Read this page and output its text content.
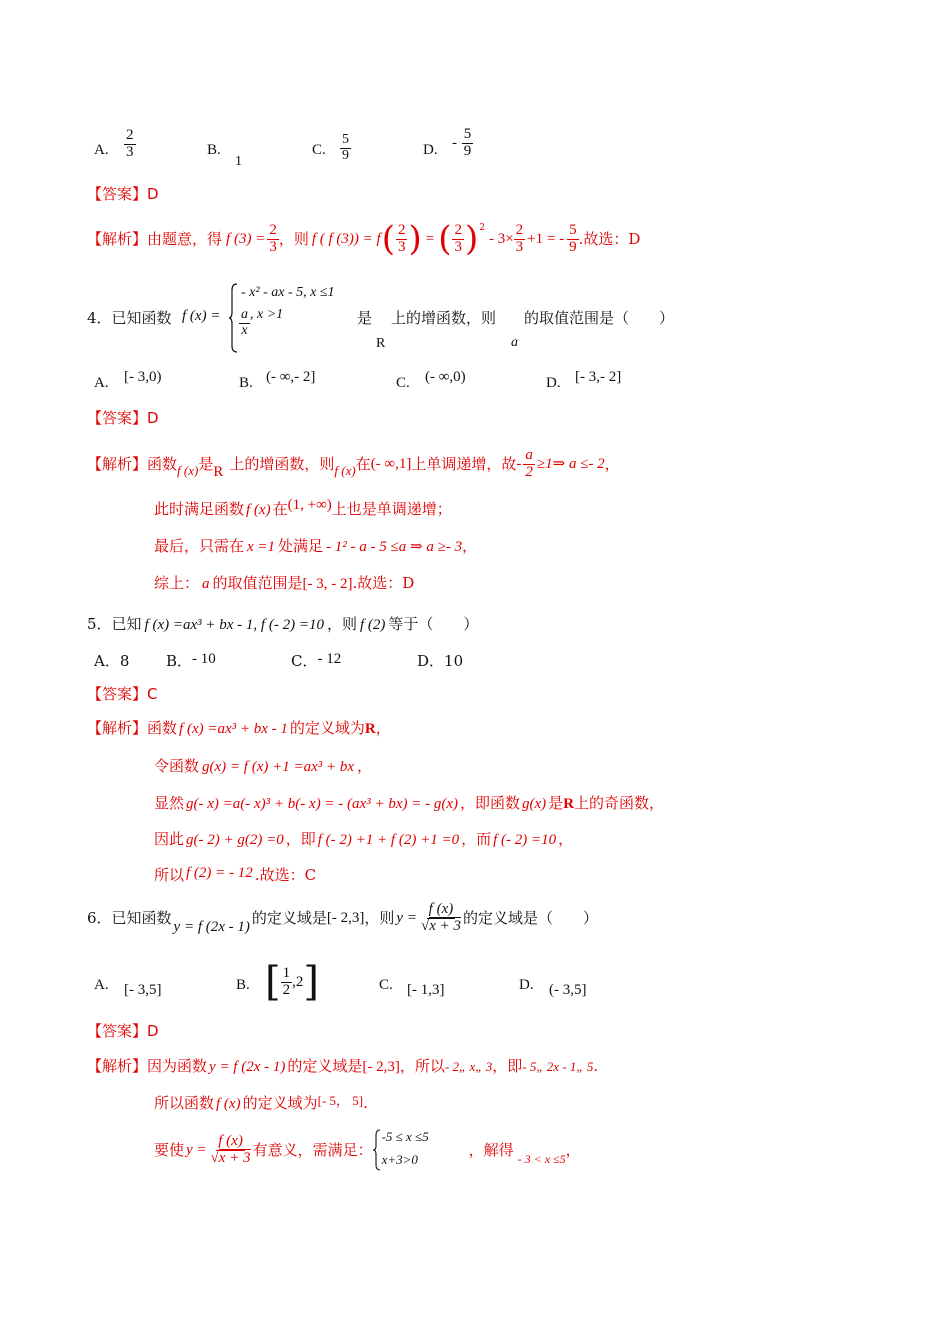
A. $\frac{2}{3}$	B.
1
C. $\frac{5}{9}$	D. - $\frac{5}{9}$
【答案】D
【解析】 由题意，得 f $(3) = \frac{2}{3}$ ，则 f ( f (3)) = f ( $\frac{2}{3}$ ) = ( $\frac{2}{3} )^2$
- $3\times \frac{2}{3} +1$ = - $\frac{5}{9}$ .故选：D
4．已知函数 f (x) =
- x² - ax - 5, x ≤1
$\frac{a}{x}$ , x >1	是
R
上的增函数，则
a
的取值范围是（　　）
A. [- 3,0)	B. (- ∞,- 2]	C. (- ∞,0)	D. [- 3,- 2]
【答案】D
【解析】 函数 f (x) 是 R 上的增函数，则 f (x) 在 (- ∞,1] 上单调递增，故 - $\frac{a}{2}$ ≥1⇒ a ≤- 2 ，
此时满足函数 f (x) 在(1, +∞)上也是单调递增；
最后，只需在 x =1 处满足 - 1² - a - 5 ≤a ⇒ a ≥- 3，
综上： a 的取值范围是[- 3, - 2].故选：D
5．已知 f (x) =ax³ + bx - 1, f (- 2) =10 ，则 f (2) 等于（　　）
A．8 B．- 10	C．- 12	D．10
【答案】C
【解析】函数 f (x) =ax³ + bx - 1 的定义域为R，
令函数 g(x) = f (x) +1 =ax³ + bx ，
显然 g(- x) =a(- x)³ + b(- x) = - (ax³ + bx) = - g(x) ，即函数 g(x) 是R上的奇函数，
因此 g(- 2) + g(2) =0 ，即 f (- 2) +1 + f (2) +1 =0 ，而 f (- 2) =10 ，
所以 f (2) = - 12 .故选：C
6．已知函数 y = f (2x - 1) 的定义域是 [- 2,3] ，则 $y = \frac{f (x)}{√x + 3}$ 的定义域是（　　）
A. [- 3,5]	B. [ $\frac{1}{2} ,2$ ]	C. [- 1,3]	D. (- 3,5]
【答案】D
【解析】因为函数 y = f (2x - 1) 的定义域是[- 2,3]，所以- 2„ x„ 3，即- 5„ 2x - 1„ 5.
所以函数 f (x) 的定义域为[- 5， 5].
要使 $y = \frac{f (x)}{√x + 3}$ 有意义，需满足：
-5 ≤ x ≤5
x+3>0
，解得
- 3 < x ≤5
，
